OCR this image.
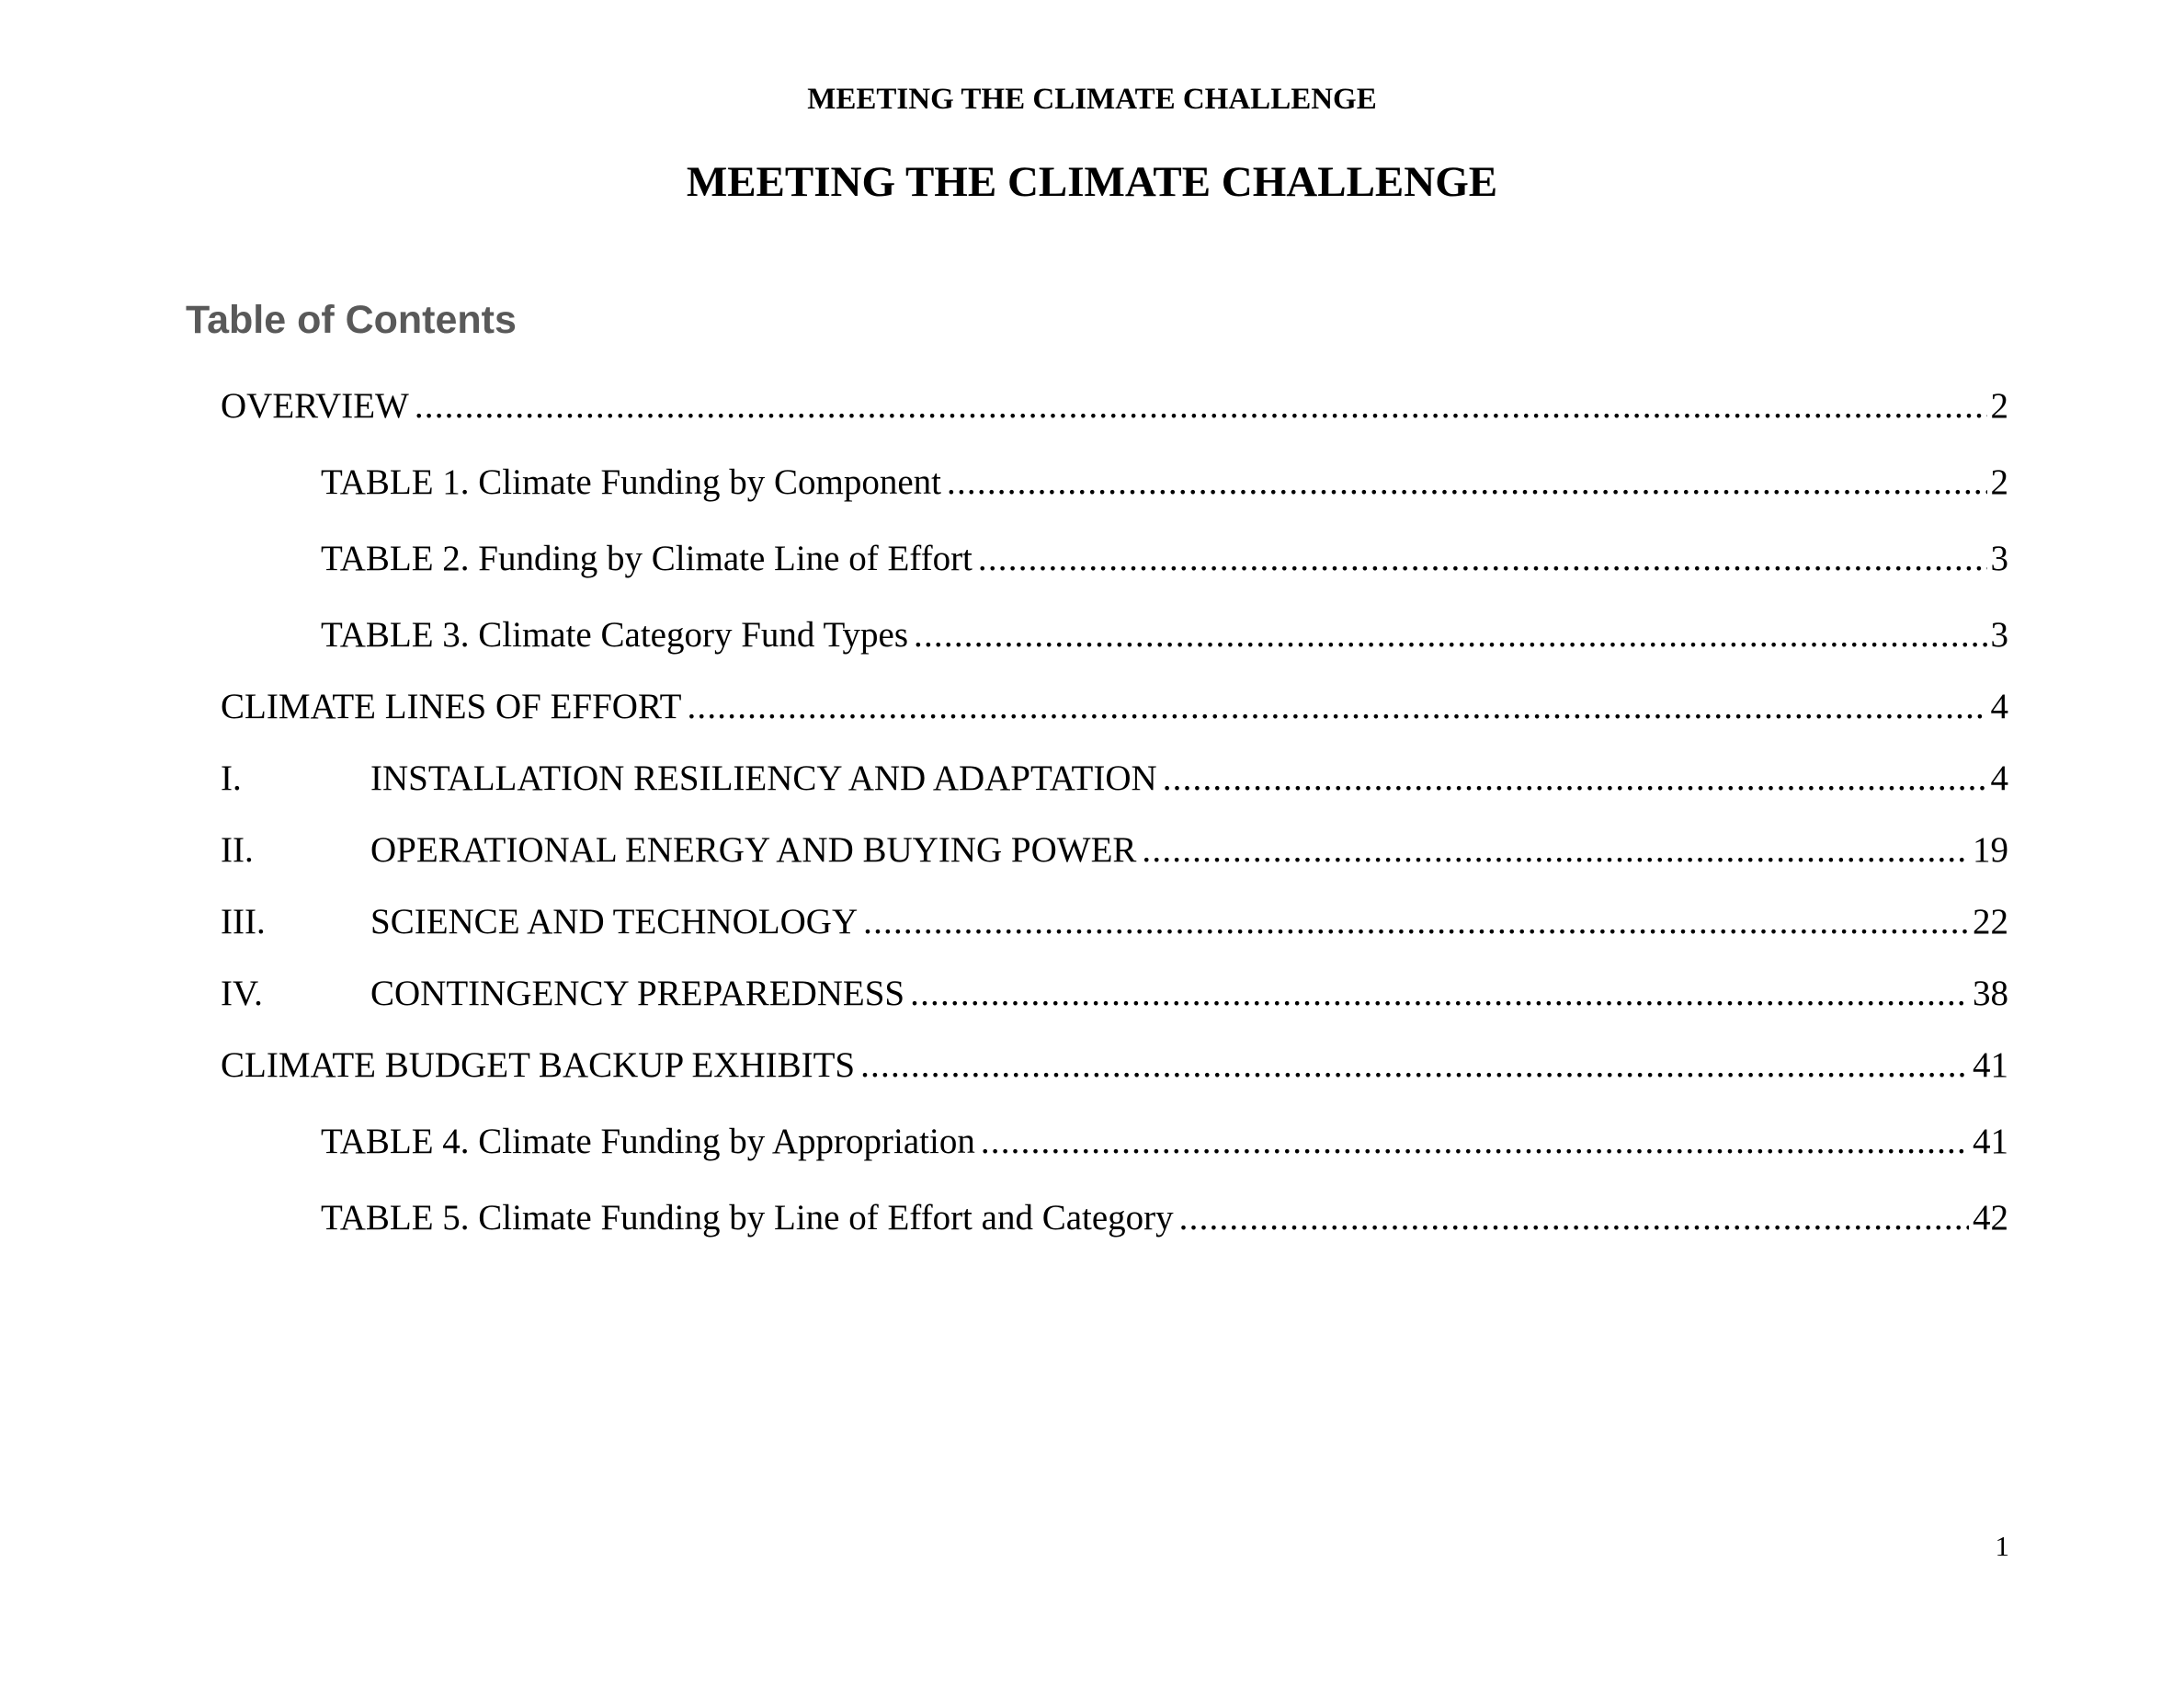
MEETING THE CLIMATE CHALLENGE
MEETING THE CLIMATE CHALLENGE
Table of Contents
OVERVIEW .....	2
TABLE 1. Climate Funding by Component .....	2
TABLE 2. Funding by Climate Line of Effort .....	3
TABLE 3. Climate Category Fund Types .....	3
CLIMATE LINES OF EFFORT .....	4
I.	INSTALLATION RESILIENCY AND ADAPTATION .....	4
II.	OPERATIONAL ENERGY AND BUYING POWER .....	19
III.	SCIENCE AND TECHNOLOGY .....	22
IV.	CONTINGENCY PREPAREDNESS .....	38
CLIMATE BUDGET BACKUP EXHIBITS .....	41
TABLE 4. Climate Funding by Appropriation .....	41
TABLE 5. Climate Funding by Line of Effort and Category .....	42
1
